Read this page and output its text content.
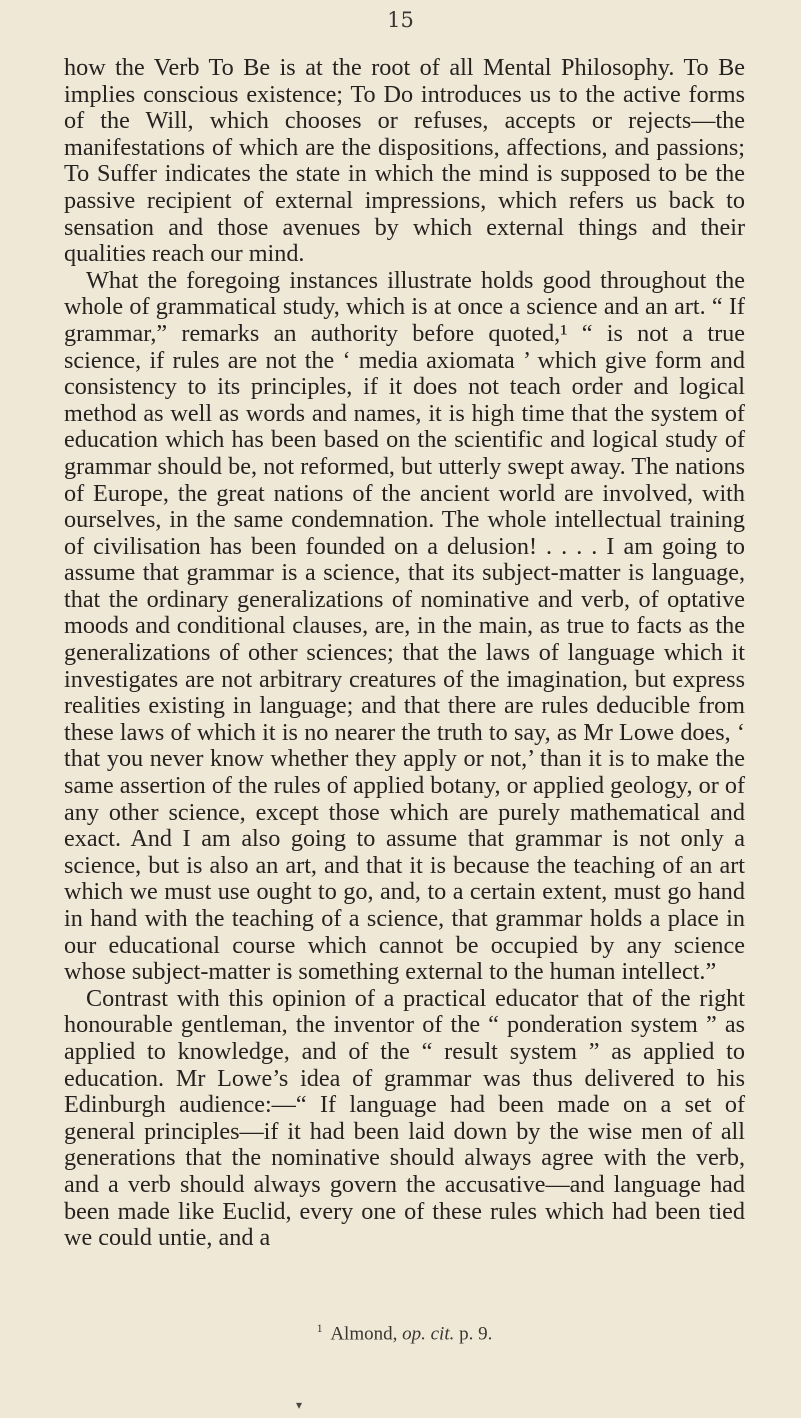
15

how the Verb To Be is at the root of all Mental Philosophy. To Be implies conscious existence; To Do introduces us to the active forms of the Will, which chooses or refuses, accepts or rejects—the manifestations of which are the dispositions, affections, and passions; To Suffer indicates the state in which the mind is supposed to be the passive recipient of external impressions, which refers us back to sensation and those avenues by which external things and their qualities reach our mind.

What the foregoing instances illustrate holds good throughout the whole of grammatical study, which is at once a science and an art. “ If grammar,” remarks an authority before quoted,¹ “ is not a true science, if rules are not the ‘ media axiomata ’ which give form and consistency to its principles, if it does not teach order and logical method as well as words and names, it is high time that the system of education which has been based on the scientific and logical study of grammar should be, not reformed, but utterly swept away. The nations of Europe, the great nations of the ancient world are involved, with ourselves, in the same condemnation. The whole intellectual training of civilisation has been founded on a delusion! . . . . I am going to assume that grammar is a science, that its subject-matter is language, that the ordinary generalizations of nominative and verb, of optative moods and conditional clauses, are, in the main, as true to facts as the generalizations of other sciences; that the laws of language which it investigates are not arbitrary creatures of the imagination, but express realities existing in language; and that there are rules deducible from these laws of which it is no nearer the truth to say, as Mr Lowe does, ‘ that you never know whether they apply or not,’ than it is to make the same assertion of the rules of applied botany, or applied geology, or of any other science, except those which are purely mathematical and exact. And I am also going to assume that grammar is not only a science, but is also an art, and that it is because the teaching of an art which we must use ought to go, and, to a certain extent, must go hand in hand with the teaching of a science, that grammar holds a place in our educational course which cannot be occupied by any science whose subject-matter is something external to the human intellect.”

Contrast with this opinion of a practical educator that of the right honourable gentleman, the inventor of the “ ponderation system ” as applied to knowledge, and of the “ result system ” as applied to education. Mr Lowe’s idea of grammar was thus delivered to his Edinburgh audience:—“ If language had been made on a set of general principles—if it had been laid down by the wise men of all generations that the nominative should always agree with the verb, and a verb should always govern the accusative—and language had been made like Euclid, every one of these rules which had been tied we could untie, and a

$^1$ Almond, op. cit. p. 9.
▾
